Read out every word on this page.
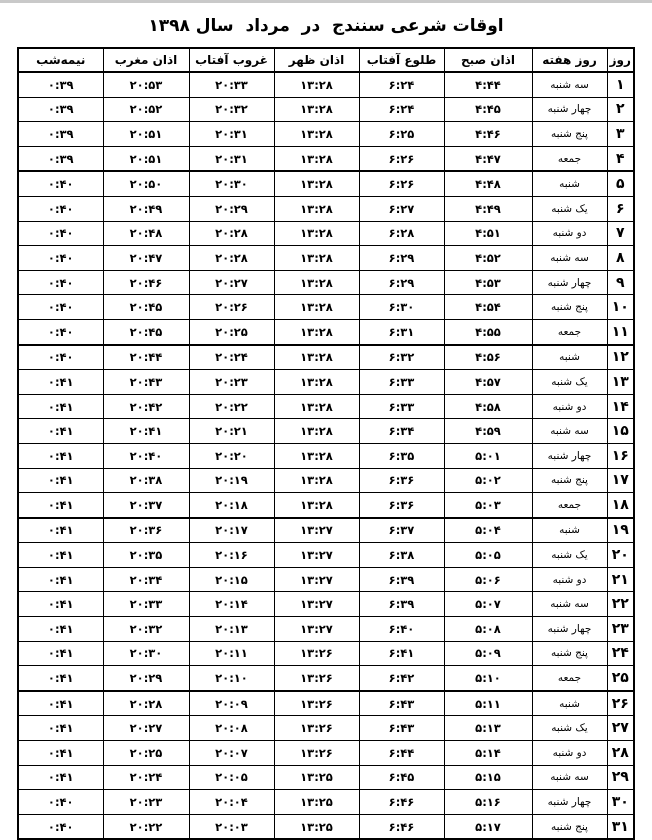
اوقات شرعی سنندج  در  مرداد  سال ۱۳۹۸
روز	روز هفته	اذان صبح	طلوع آفتاب	اذان ظهر	غروب آفتاب	اذان مغرب	نیمه‌شب
۱	سه شنبه	۴:۴۴	۶:۲۴	۱۳:۲۸	۲۰:۳۳	۲۰:۵۳	۰:۳۹
۲	چهار شنبه	۴:۴۵	۶:۲۴	۱۳:۲۸	۲۰:۳۲	۲۰:۵۲	۰:۳۹
۳	پنج شنبه	۴:۴۶	۶:۲۵	۱۳:۲۸	۲۰:۳۱	۲۰:۵۱	۰:۳۹
۴	جمعه	۴:۴۷	۶:۲۶	۱۳:۲۸	۲۰:۳۱	۲۰:۵۱	۰:۳۹
۵	شنبه	۴:۴۸	۶:۲۶	۱۳:۲۸	۲۰:۳۰	۲۰:۵۰	۰:۴۰
۶	یک شنبه	۴:۴۹	۶:۲۷	۱۳:۲۸	۲۰:۲۹	۲۰:۴۹	۰:۴۰
۷	دو شنبه	۴:۵۱	۶:۲۸	۱۳:۲۸	۲۰:۲۸	۲۰:۴۸	۰:۴۰
۸	سه شنبه	۴:۵۲	۶:۲۹	۱۳:۲۸	۲۰:۲۸	۲۰:۴۷	۰:۴۰
۹	چهار شنبه	۴:۵۳	۶:۲۹	۱۳:۲۸	۲۰:۲۷	۲۰:۴۶	۰:۴۰
۱۰	پنج شنبه	۴:۵۴	۶:۳۰	۱۳:۲۸	۲۰:۲۶	۲۰:۴۵	۰:۴۰
۱۱	جمعه	۴:۵۵	۶:۳۱	۱۳:۲۸	۲۰:۲۵	۲۰:۴۵	۰:۴۰
۱۲	شنبه	۴:۵۶	۶:۳۲	۱۳:۲۸	۲۰:۲۴	۲۰:۴۴	۰:۴۰
۱۳	یک شنبه	۴:۵۷	۶:۳۳	۱۳:۲۸	۲۰:۲۳	۲۰:۴۳	۰:۴۱
۱۴	دو شنبه	۴:۵۸	۶:۳۳	۱۳:۲۸	۲۰:۲۲	۲۰:۴۲	۰:۴۱
۱۵	سه شنبه	۴:۵۹	۶:۳۴	۱۳:۲۸	۲۰:۲۱	۲۰:۴۱	۰:۴۱
۱۶	چهار شنبه	۵:۰۱	۶:۳۵	۱۳:۲۸	۲۰:۲۰	۲۰:۴۰	۰:۴۱
۱۷	پنج شنبه	۵:۰۲	۶:۳۶	۱۳:۲۸	۲۰:۱۹	۲۰:۳۸	۰:۴۱
۱۸	جمعه	۵:۰۳	۶:۳۶	۱۳:۲۸	۲۰:۱۸	۲۰:۳۷	۰:۴۱
۱۹	شنبه	۵:۰۴	۶:۳۷	۱۳:۲۷	۲۰:۱۷	۲۰:۳۶	۰:۴۱
۲۰	یک شنبه	۵:۰۵	۶:۳۸	۱۳:۲۷	۲۰:۱۶	۲۰:۳۵	۰:۴۱
۲۱	دو شنبه	۵:۰۶	۶:۳۹	۱۳:۲۷	۲۰:۱۵	۲۰:۳۴	۰:۴۱
۲۲	سه شنبه	۵:۰۷	۶:۳۹	۱۳:۲۷	۲۰:۱۴	۲۰:۳۳	۰:۴۱
۲۳	چهار شنبه	۵:۰۸	۶:۴۰	۱۳:۲۷	۲۰:۱۳	۲۰:۳۲	۰:۴۱
۲۴	پنج شنبه	۵:۰۹	۶:۴۱	۱۳:۲۶	۲۰:۱۱	۲۰:۳۰	۰:۴۱
۲۵	جمعه	۵:۱۰	۶:۴۲	۱۳:۲۶	۲۰:۱۰	۲۰:۲۹	۰:۴۱
۲۶	شنبه	۵:۱۱	۶:۴۳	۱۳:۲۶	۲۰:۰۹	۲۰:۲۸	۰:۴۱
۲۷	یک شنبه	۵:۱۳	۶:۴۳	۱۳:۲۶	۲۰:۰۸	۲۰:۲۷	۰:۴۱
۲۸	دو شنبه	۵:۱۴	۶:۴۴	۱۳:۲۶	۲۰:۰۷	۲۰:۲۵	۰:۴۱
۲۹	سه شنبه	۵:۱۵	۶:۴۵	۱۳:۲۵	۲۰:۰۵	۲۰:۲۴	۰:۴۱
۳۰	چهار شنبه	۵:۱۶	۶:۴۶	۱۳:۲۵	۲۰:۰۴	۲۰:۲۳	۰:۴۰
۳۱	پنج شنبه	۵:۱۷	۶:۴۶	۱۳:۲۵	۲۰:۰۳	۲۰:۲۲	۰:۴۰
